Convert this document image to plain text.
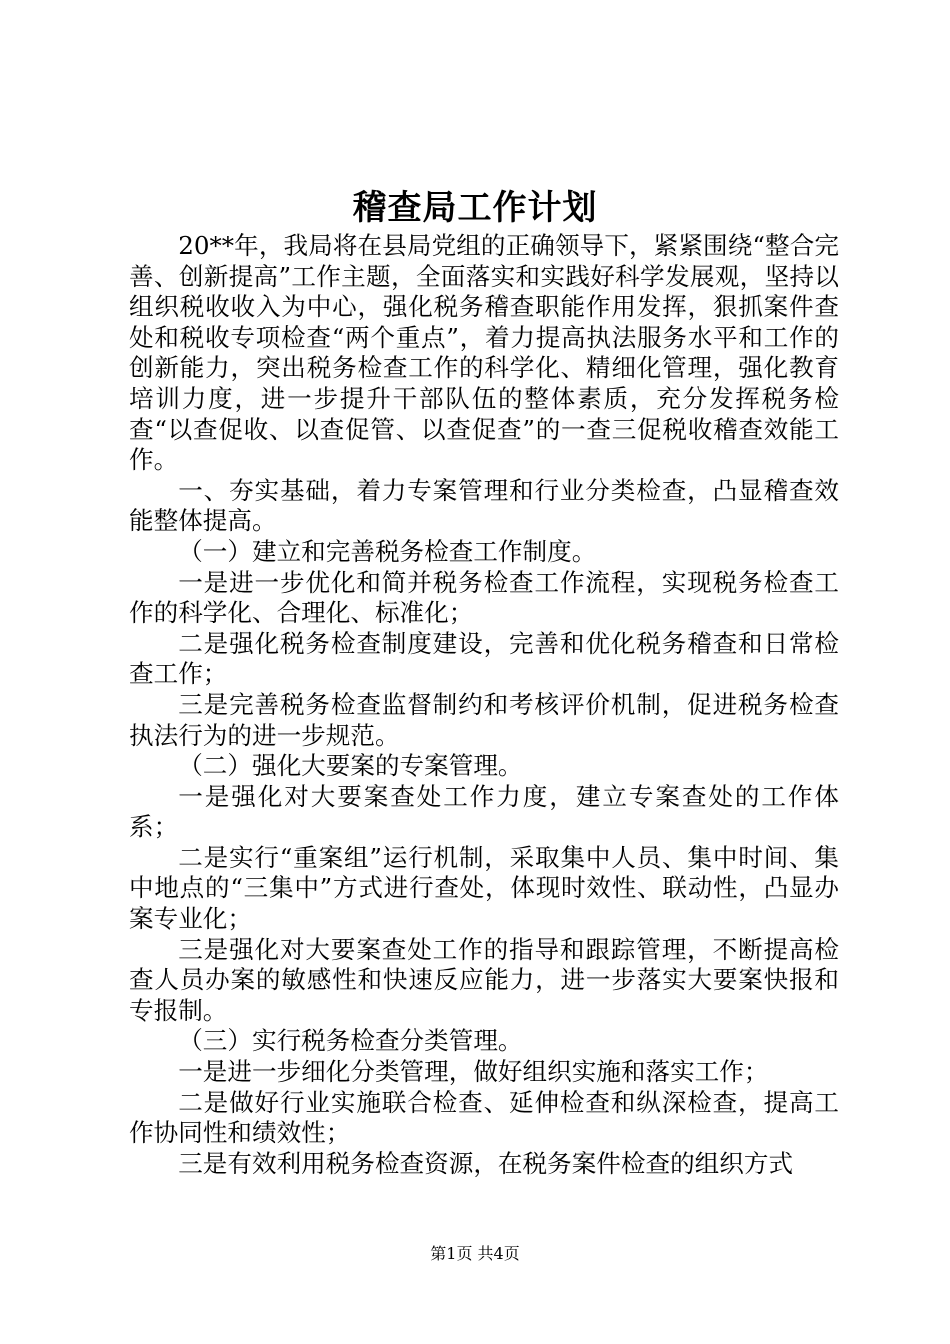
稽查局工作计划

20**年，我局将在县局党组的正确领导下，紧紧围绕“整合完善、创新提高”工作主题，全面落实和实践好科学发展观，坚持以组织税收收入为中心，强化税务稽查职能作用发挥，狠抓案件查处和税收专项检查“两个重点”，着力提高执法服务水平和工作的创新能力，突出税务检查工作的科学化、精细化管理，强化教育培训力度，进一步提升干部队伍的整体素质，充分发挥税务检查“以查促收、以查促管、以查促查”的一查三促税收稽查效能工作。

一、夯实基础，着力专案管理和行业分类检查，凸显稽查效能整体提高。

（一）建立和完善税务检查工作制度。

一是进一步优化和简并税务检查工作流程，实现税务检查工作的科学化、合理化、标准化；

二是强化税务检查制度建设，完善和优化税务稽查和日常检查工作；

三是完善税务检查监督制约和考核评价机制，促进税务检查执法行为的进一步规范。

（二）强化大要案的专案管理。

一是强化对大要案查处工作力度，建立专案查处的工作体系；

二是实行“重案组”运行机制，采取集中人员、集中时间、集中地点的“三集中”方式进行查处，体现时效性、联动性，凸显办案专业化；

三是强化对大要案查处工作的指导和跟踪管理，不断提高检查人员办案的敏感性和快速反应能力，进一步落实大要案快报和专报制。

（三）实行税务检查分类管理。

一是进一步细化分类管理，做好组织实施和落实工作；

二是做好行业实施联合检查、延伸检查和纵深检查，提高工作协同性和绩效性；

三是有效利用税务检查资源，在税务案件检查的组织方式

第1页 共4页
